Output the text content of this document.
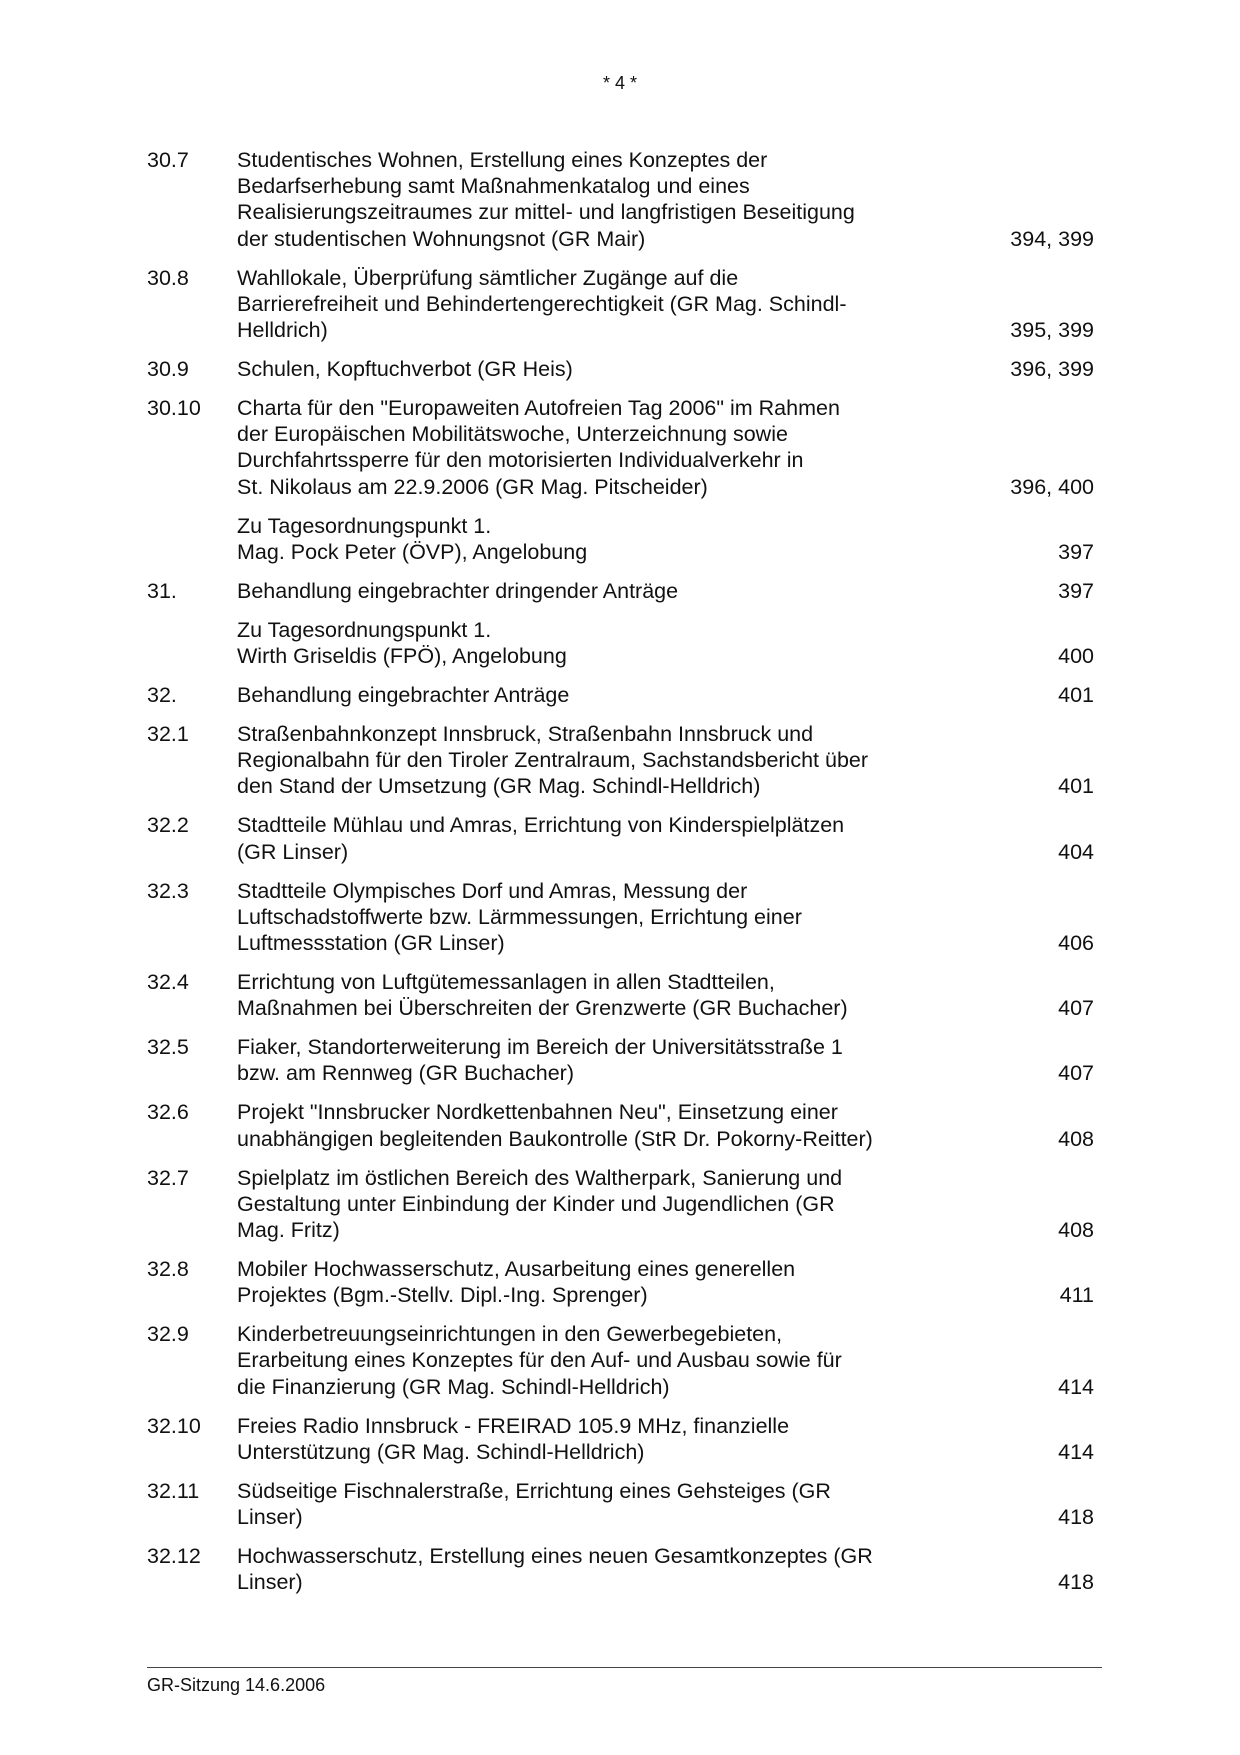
* 4 *
30.7	Studentisches Wohnen, Erstellung eines Konzeptes der
Bedarfserhebung samt Maßnahmenkatalog und eines
Realisierungszeitraumes zur mittel- und langfristigen Beseitigung
der studentischen Wohnungsnot (GR Mair)	394, 399
30.8	Wahllokale, Überprüfung sämtlicher Zugänge auf die
Barrierefreiheit und Behindertengerechtigkeit (GR Mag. Schindl-
Helldrich)	395, 399
30.9	Schulen, Kopftuchverbot (GR Heis)	396, 399
30.10	Charta für den "Europaweiten Autofreien Tag 2006" im Rahmen
der Europäischen Mobilitätswoche, Unterzeichnung sowie
Durchfahrtssperre für den motorisierten Individualverkehr in
St. Nikolaus am 22.9.2006 (GR Mag. Pitscheider)	396, 400
Zu Tagesordnungspunkt 1.
Mag. Pock Peter (ÖVP), Angelobung	397
31.	Behandlung eingebrachter dringender Anträge	397
Zu Tagesordnungspunkt 1.
Wirth Griseldis (FPÖ), Angelobung	400
32.	Behandlung eingebrachter Anträge	401
32.1	Straßenbahnkonzept Innsbruck, Straßenbahn Innsbruck und
Regionalbahn für den Tiroler Zentralraum, Sachstandsbericht über
den Stand der Umsetzung (GR Mag. Schindl-Helldrich)	401
32.2	Stadtteile Mühlau und Amras, Errichtung von Kinderspielplätzen
(GR Linser)	404
32.3	Stadtteile Olympisches Dorf und Amras, Messung der
Luftschadstoffwerte bzw. Lärmmessungen, Errichtung einer
Luftmessstation (GR Linser)	406
32.4	Errichtung von Luftgütemessanlagen in allen Stadtteilen,
Maßnahmen bei Überschreiten der Grenzwerte (GR Buchacher)	407
32.5	Fiaker, Standorterweiterung im Bereich der Universitätsstraße 1
bzw. am Rennweg (GR Buchacher)	407
32.6	Projekt "Innsbrucker Nordkettenbahnen Neu", Einsetzung einer
unabhängigen begleitenden Baukontrolle (StR Dr. Pokorny-Reitter)	408
32.7	Spielplatz im östlichen Bereich des Waltherpark, Sanierung und
Gestaltung unter Einbindung der Kinder und Jugendlichen (GR
Mag. Fritz)	408
32.8	Mobiler Hochwasserschutz, Ausarbeitung eines generellen
Projektes (Bgm.-Stellv. Dipl.-Ing. Sprenger)	411
32.9	Kinderbetreuungseinrichtungen in den Gewerbegebieten,
Erarbeitung eines Konzeptes für den Auf- und Ausbau sowie für
die Finanzierung (GR Mag. Schindl-Helldrich)	414
32.10	Freies Radio Innsbruck - FREIRAD 105.9 MHz, finanzielle
Unterstützung (GR Mag. Schindl-Helldrich)	414
32.11	Südseitige Fischnalerstraße, Errichtung eines Gehsteiges (GR
Linser)	418
32.12	Hochwasserschutz, Erstellung eines neuen Gesamtkonzeptes (GR
Linser)	418
GR-Sitzung 14.6.2006
